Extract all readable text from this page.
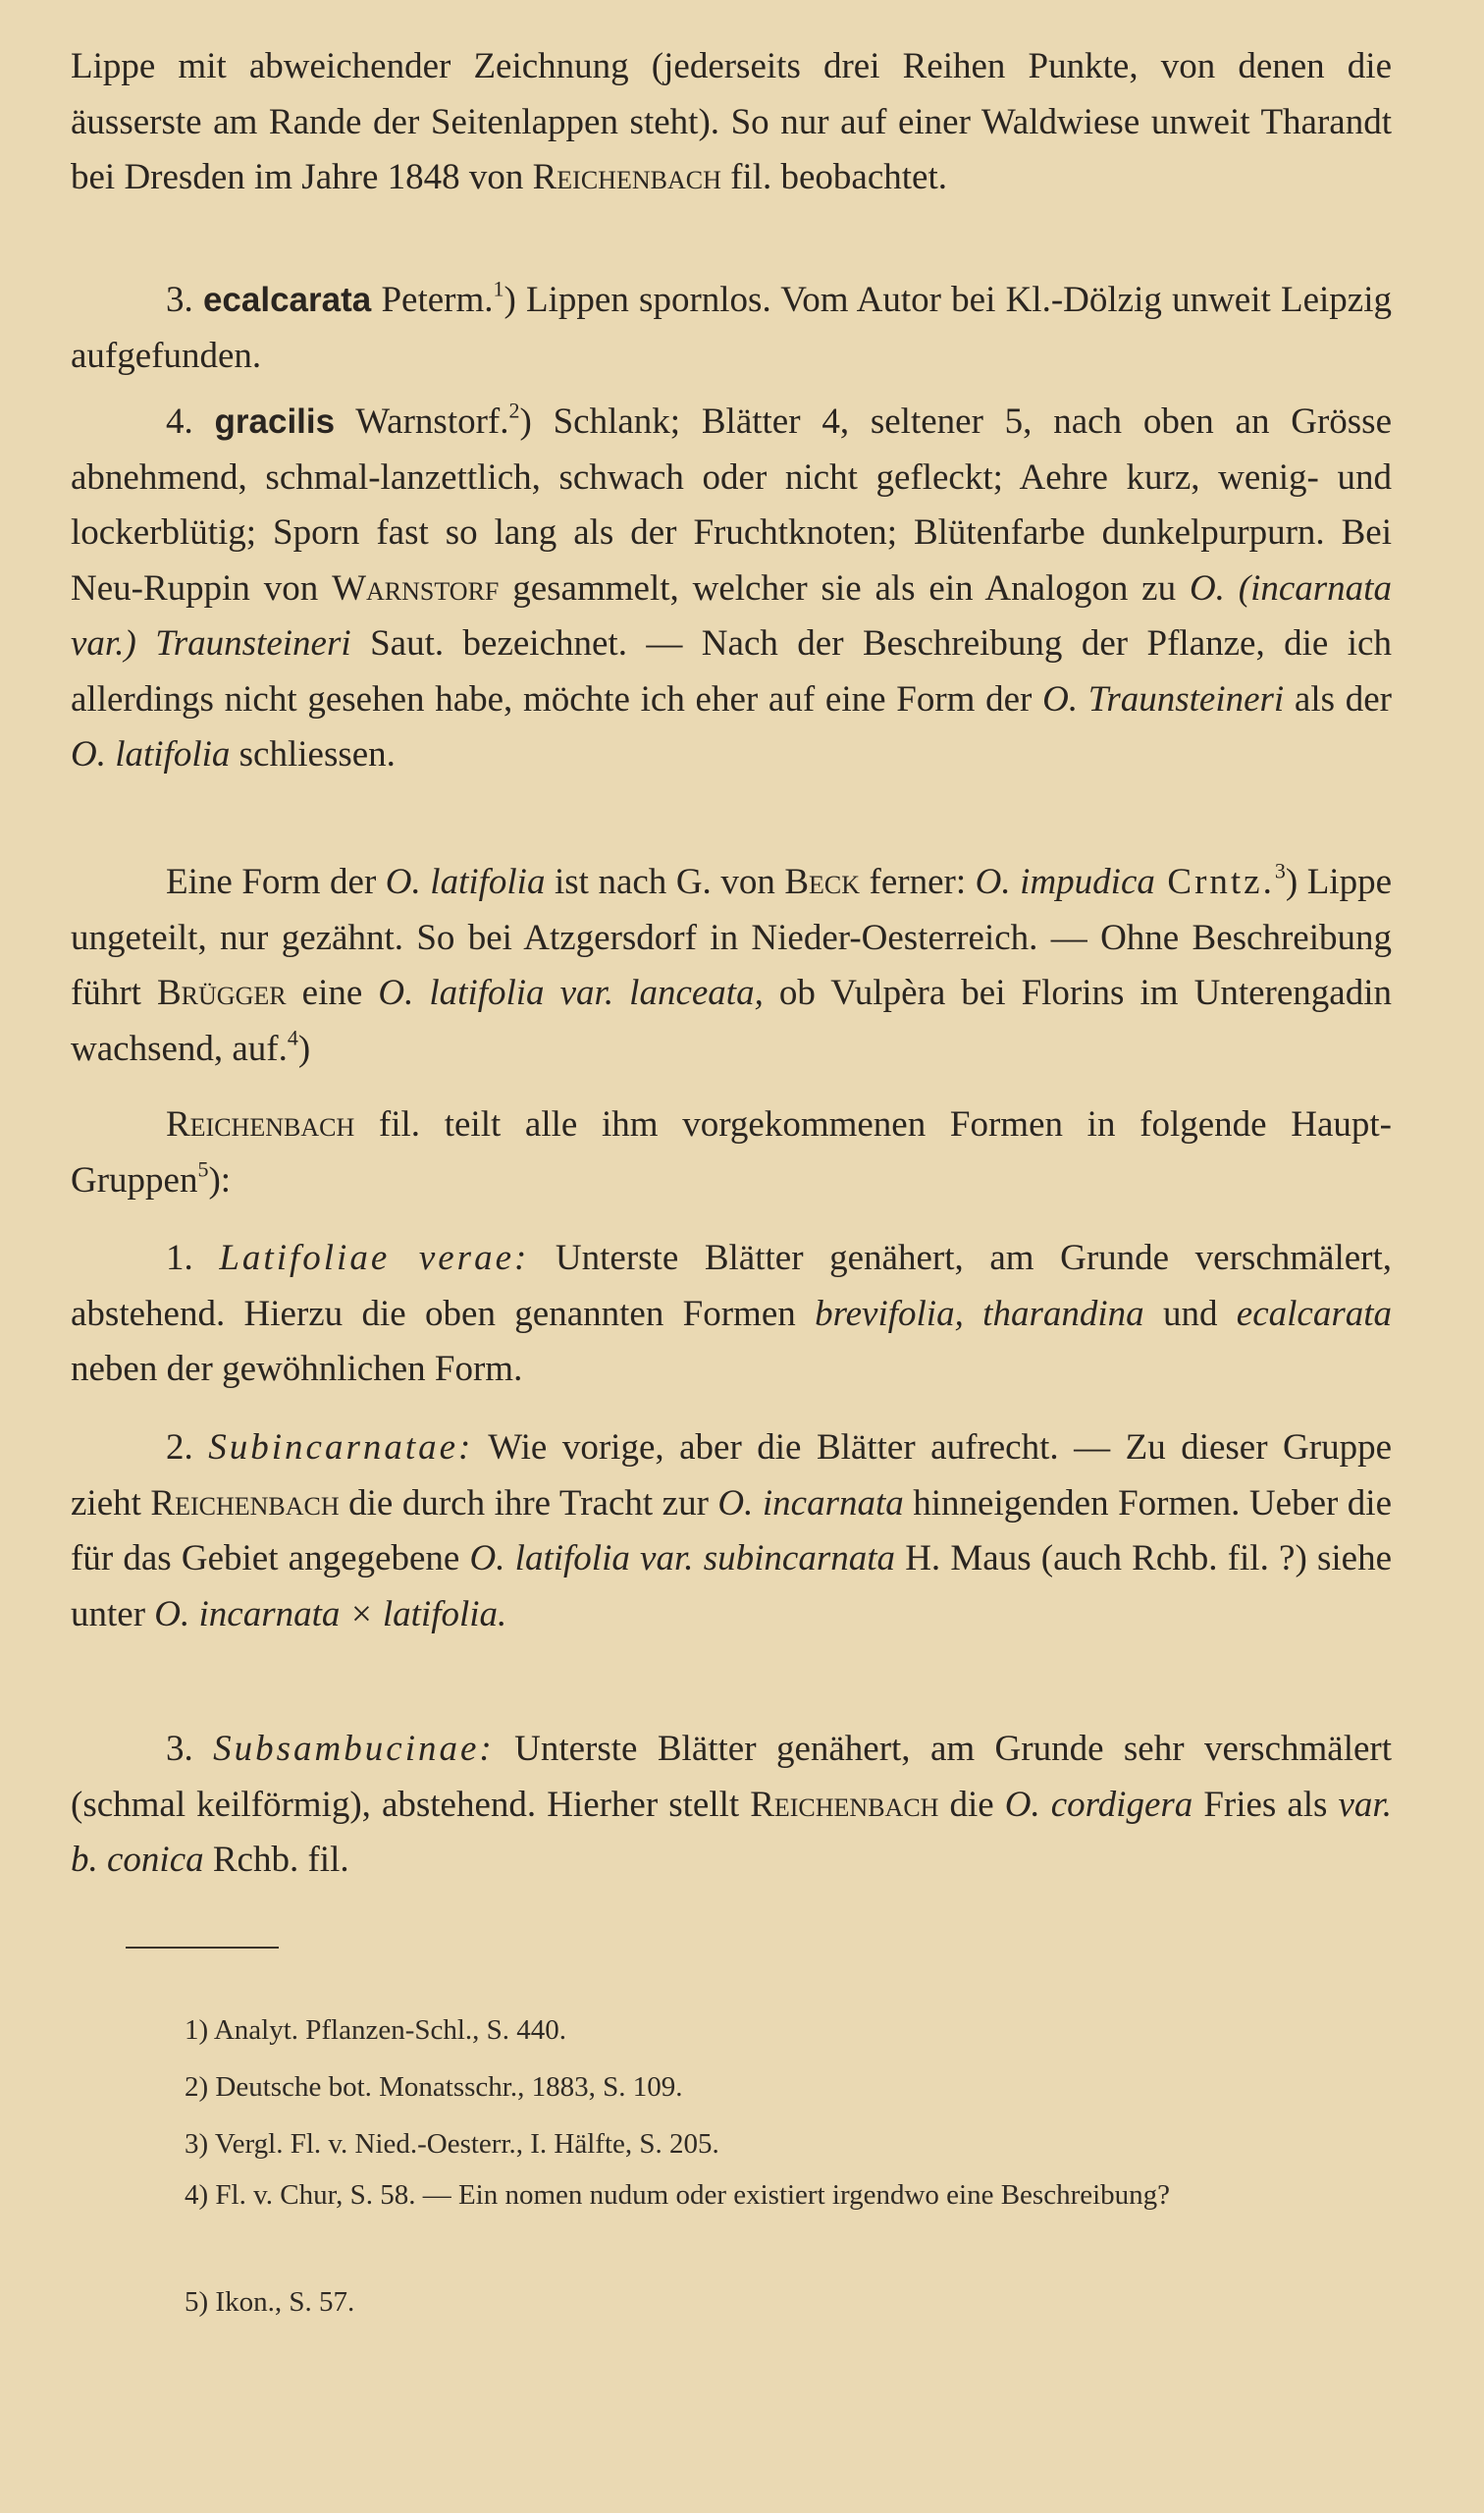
Lippe mit abweichender Zeichnung (jederseits drei Reihen Punkte, von denen die äusserste am Rande der Seitenlappen steht). So nur auf einer Waldwiese unweit Tharandt bei Dresden im Jahre 1848 von Reichenbach fil. beobachtet.

3. ecalcarata Peterm.$^1$) Lippen spornlos. Vom Autor bei Kl.-Dölzig unweit Leipzig aufgefunden.

4. gracilis Warnstorf.$^2$) Schlank; Blätter 4, seltener 5, nach oben an Grösse abnehmend, schmal-lanzettlich, schwach oder nicht gefleckt; Aehre kurz, wenig- und lockerblütig; Sporn fast so lang als der Fruchtknoten; Blütenfarbe dunkelpurpurn. Bei Neu-Ruppin von Warnstorf gesammelt, welcher sie als ein Analogon zu O. (incarnata var.) Traunsteineri Saut. bezeichnet. — Nach der Beschreibung der Pflanze, die ich allerdings nicht gesehen habe, möchte ich eher auf eine Form der O. Traunsteineri als der O. latifolia schliessen.

Eine Form der O. latifolia ist nach G. von Beck ferner: O. impudica Crntz.$^3$) Lippe ungeteilt, nur gezähnt. So bei Atzgersdorf in Nieder-Oesterreich. — Ohne Beschreibung führt Brügger eine O. latifolia var. lanceata, ob Vulpèra bei Florins im Unterengadin wachsend, auf.$^4$)

Reichenbach fil. teilt alle ihm vorgekommenen Formen in folgende Haupt-Gruppen$^5$):

1. Latifoliae verae: Unterste Blätter genähert, am Grunde verschmälert, abstehend. Hierzu die oben genannten Formen brevifolia, tharandina und ecalcarata neben der gewöhnlichen Form.

2. Subincarnatae: Wie vorige, aber die Blätter aufrecht. — Zu dieser Gruppe zieht Reichenbach die durch ihre Tracht zur O. incarnata hinneigenden Formen. Ueber die für das Gebiet angegebene O. latifolia var. subincarnata H. Maus (auch Rchb. fil. ?) siehe unter O. incarnata × latifolia.

3. Subsambucinae: Unterste Blätter genähert, am Grunde sehr verschmälert (schmal keilförmig), abstehend. Hierher stellt Reichenbach die O. cordigera Fries als var. b. conica Rchb. fil.

1) Analyt. Pflanzen-Schl., S. 440.

2) Deutsche bot. Monatsschr., 1883, S. 109.

3) Vergl. Fl. v. Nied.-Oesterr., I. Hälfte, S. 205.

4) Fl. v. Chur, S. 58. — Ein nomen nudum oder existiert irgendwo eine Beschreibung?

5) Ikon., S. 57.
